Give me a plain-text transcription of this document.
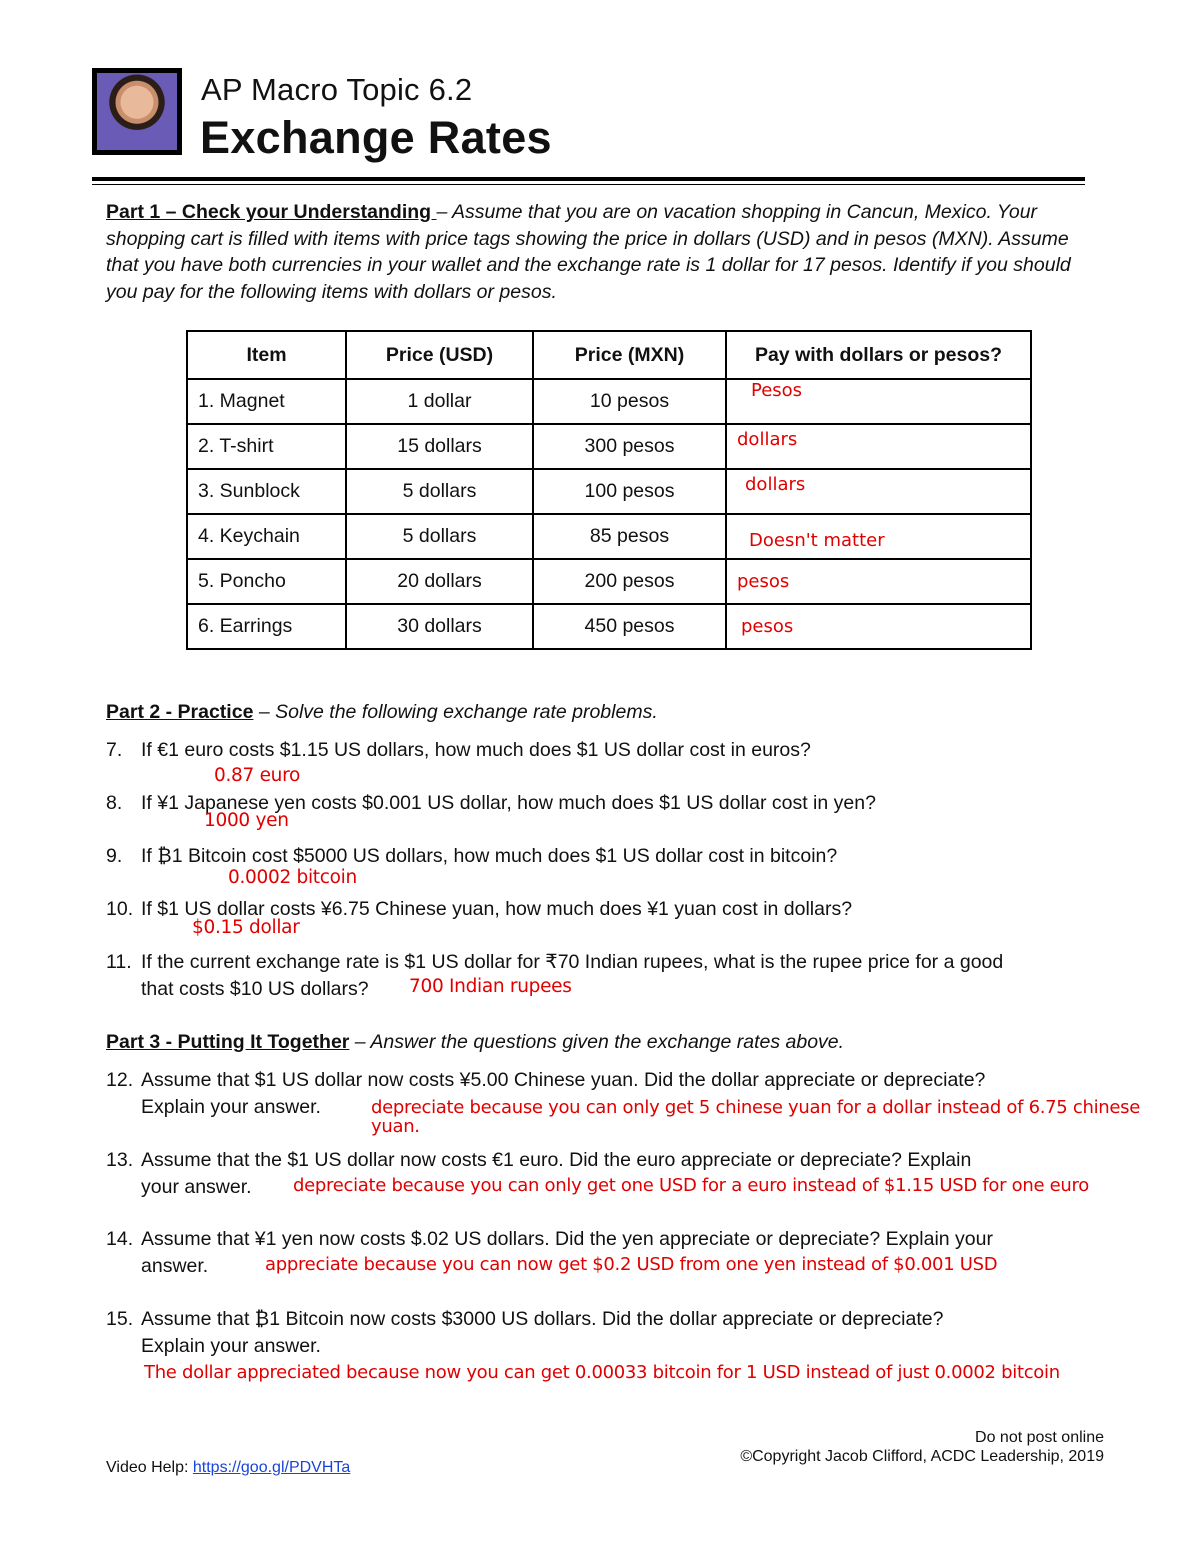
AP Macro Topic 6.2
Exchange Rates
Part 1 – Check your Understanding – Assume that you are on vacation shopping in Cancun, Mexico. Your shopping cart is filled with items with price tags showing the price in dollars (USD) and in pesos (MXN). Assume that you have both currencies in your wallet and the exchange rate is 1 dollar for 17 pesos. Identify if you should you pay for the following items with dollars or pesos.
Item	Price (USD)	Price (MXN)	Pay with dollars or pesos?
1. Magnet	1 dollar	10 pesos	Pesos
2. T-shirt	15 dollars	300 pesos	dollars
3. Sunblock	5 dollars	100 pesos	dollars
4. Keychain	5 dollars	85 pesos	Doesn't matter
5. Poncho	20 dollars	200 pesos	pesos
6. Earrings	30 dollars	450 pesos	pesos
Part 2 - Practice – Solve the following exchange rate problems.
7. If €1 euro costs $1.15 US dollars, how much does $1 US dollar cost in euros?
0.87 euro
8. If ¥1 Japanese yen costs $0.001 US dollar, how much does $1 US dollar cost in yen?
1000 yen
9. If ₿1 Bitcoin cost $5000 US dollars, how much does $1 US dollar cost in bitcoin?
0.0002 bitcoin
10. If $1 US dollar costs ¥6.75 Chinese yuan, how much does ¥1 yuan cost in dollars?
$0.15 dollar
11. If the current exchange rate is $1 US dollar for ₹70 Indian rupees, what is the rupee price for a good
that costs $10 US dollars?	700 Indian rupees
Part 3 - Putting It Together – Answer the questions given the exchange rates above.
12. Assume that $1 US dollar now costs ¥5.00 Chinese yuan. Did the dollar appreciate or depreciate?
Explain your answer.	depreciate because you can only get 5 chinese yuan for a dollar instead of 6.75 chinese
yuan.
13. Assume that the $1 US dollar now costs €1 euro. Did the euro appreciate or depreciate? Explain
your answer.	depreciate because you can only get one USD for a euro instead of $1.15 USD for one euro
14. Assume that ¥1 yen now costs $.02 US dollars. Did the yen appreciate or depreciate? Explain your
answer.	appreciate because you can now get $0.2 USD from one yen instead of $0.001 USD
15. Assume that ₿1 Bitcoin now costs $3000 US dollars. Did the dollar appreciate or depreciate?
Explain your answer.
The dollar appreciated because now you can get 0.00033 bitcoin for 1 USD instead of just 0.0002 bitcoin
Video Help: https://goo.gl/PDVHTa
Do not post online
©Copyright Jacob Clifford, ACDC Leadership, 2019
